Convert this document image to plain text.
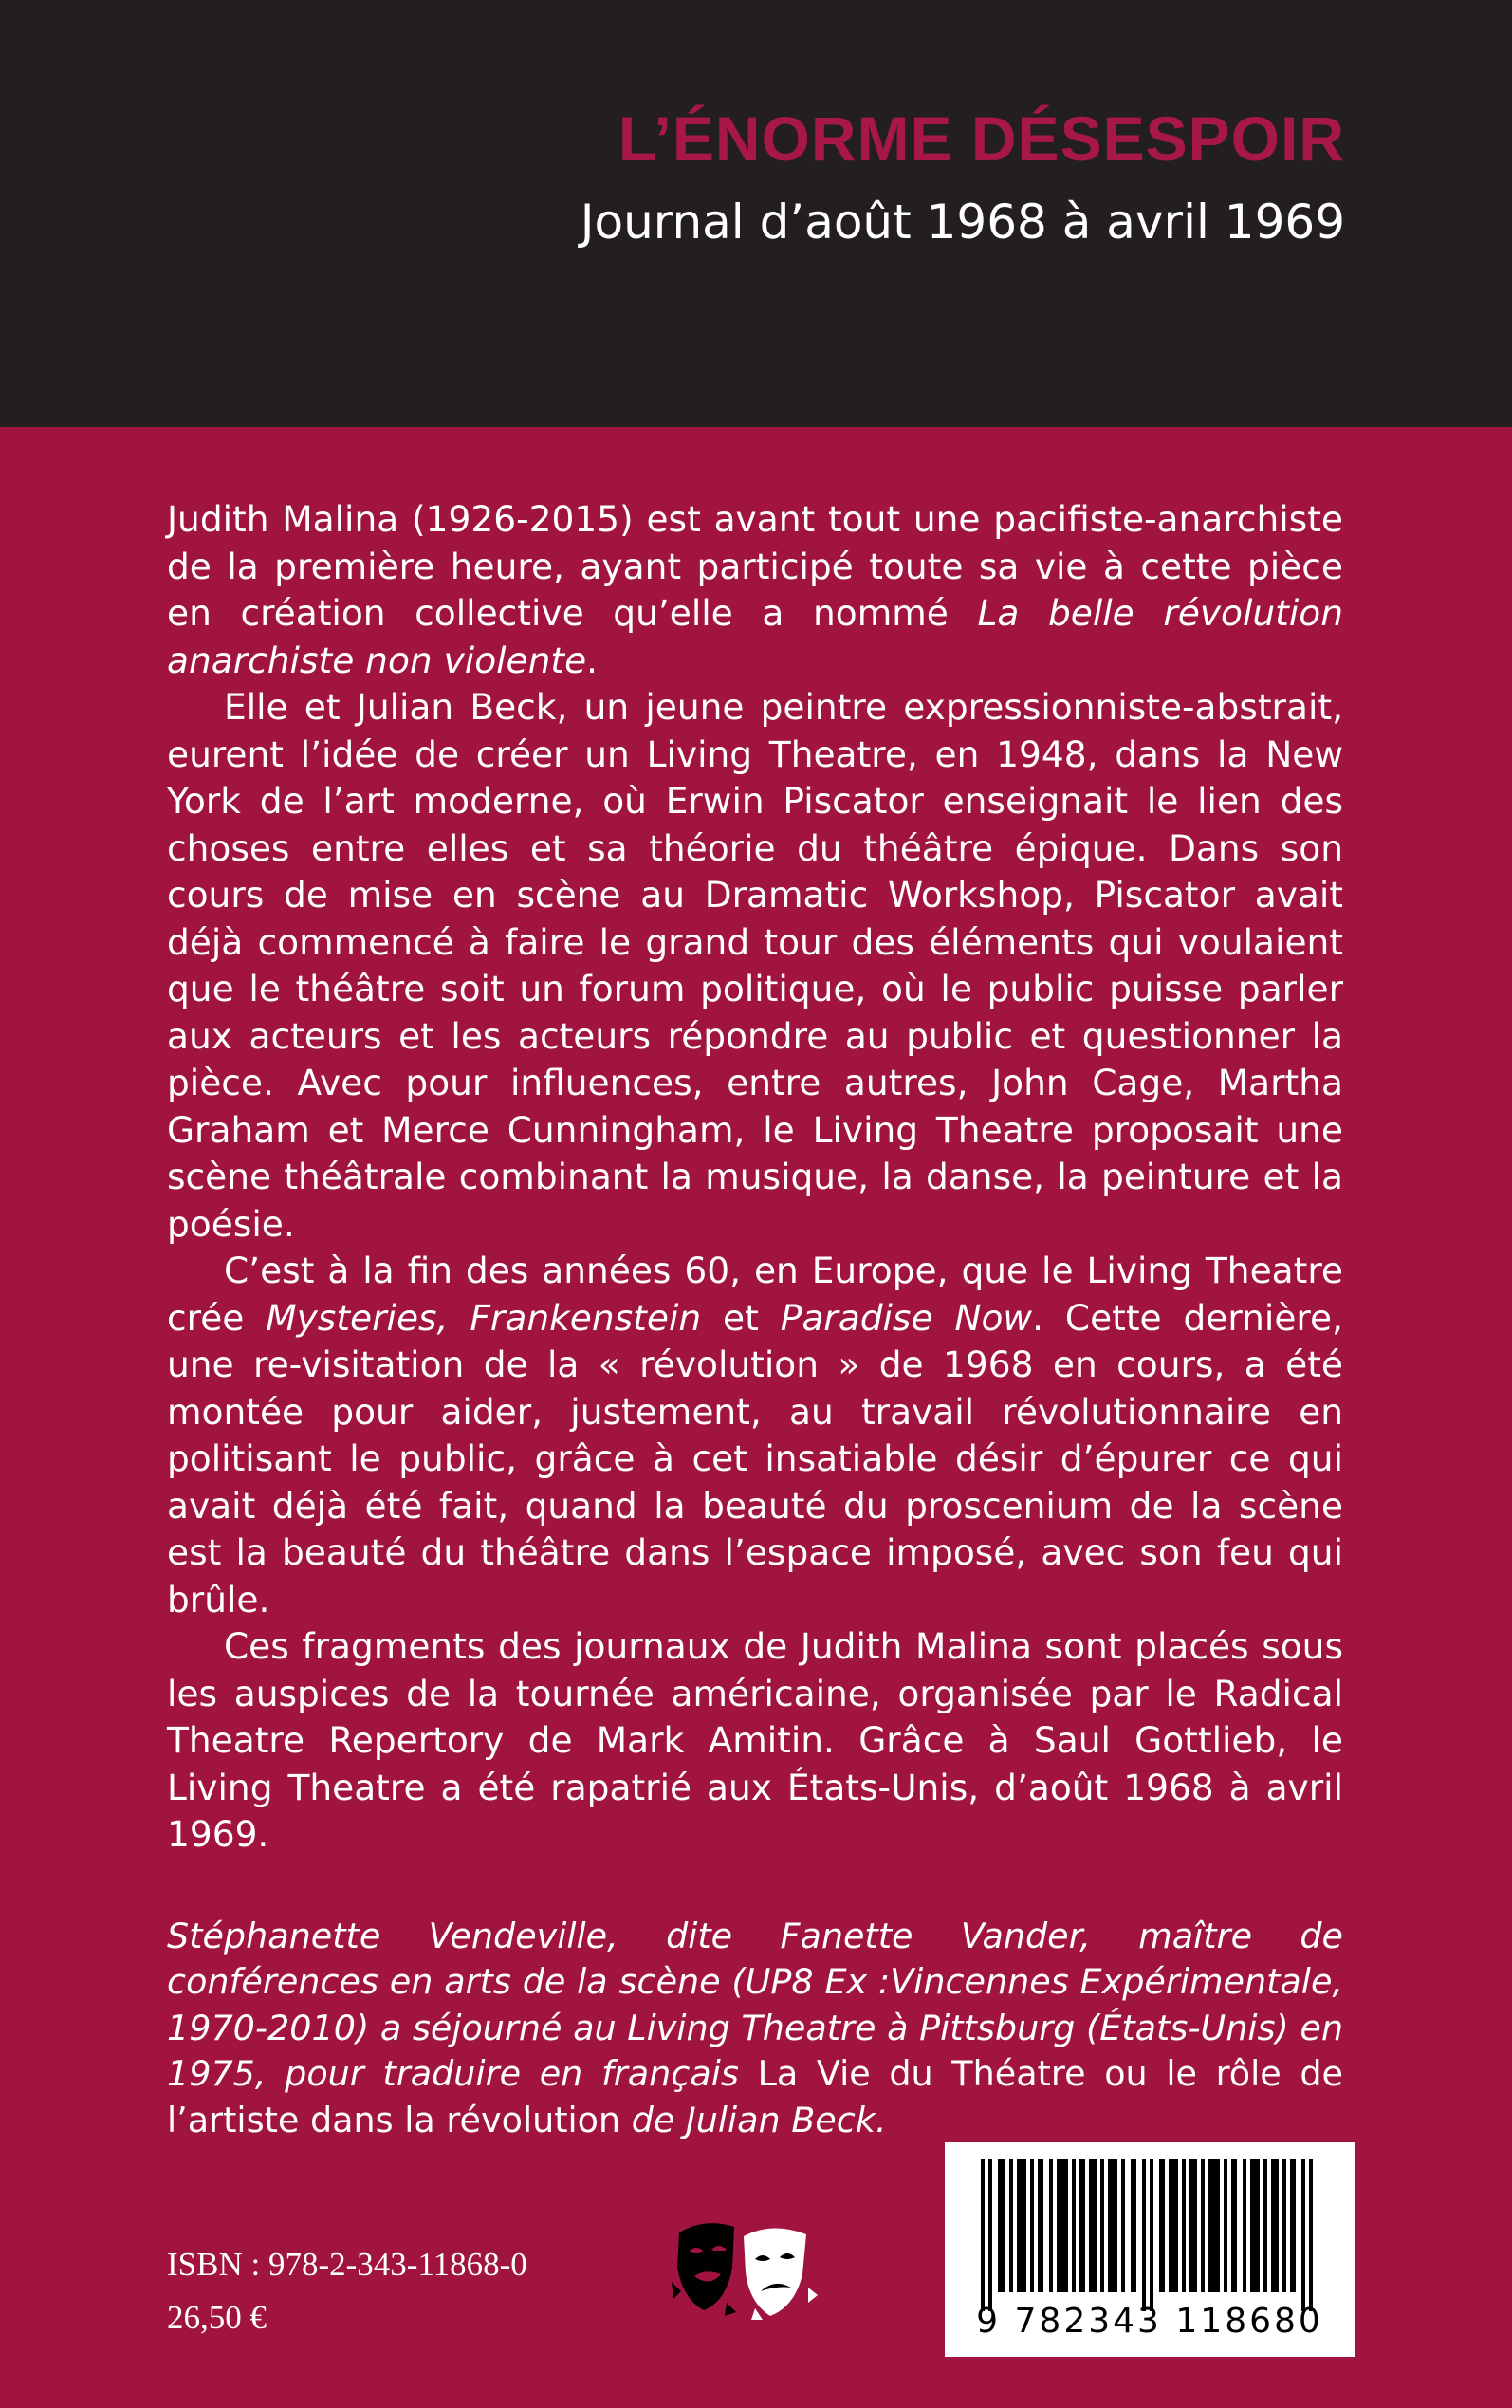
L’ÉNORME DÉSESPOIR
Journal d’août 1968 à avril 1969

Judith Malina (1926-2015) est avant tout une pacifiste-anarchiste de la première heure, ayant participé toute sa vie à cette pièce en création collective qu’elle a nommé La belle révolution anarchiste non violente.

Elle et Julian Beck, un jeune peintre expressionniste-abstrait, eurent l’idée de créer un Living Theatre, en 1948, dans la New York de l’art moderne, où Erwin Piscator enseignait le lien des choses entre elles et sa théorie du théâtre épique. Dans son cours de mise en scène au Dramatic Workshop, Piscator avait déjà commencé à faire le grand tour des éléments qui voulaient que le théâtre soit un forum politique, où le public puisse parler aux acteurs et les acteurs répondre au public et questionner la pièce. Avec pour influences, entre autres, John Cage, Martha Graham et Merce Cunningham, le Living Theatre proposait une scène théâtrale combinant la musique, la danse, la peinture et la poésie.

C’est à la fin des années 60, en Europe, que le Living Theatre crée Mysteries, Frankenstein et Paradise Now. Cette dernière, une re-visitation de la « révolution » de 1968 en cours, a été montée pour aider, justement, au travail révolutionnaire en politisant le public, grâce à cet insatiable désir d’épurer ce qui avait déjà été fait, quand la beauté du proscenium de la scène est la beauté du théâtre dans l’espace imposé, avec son feu qui brûle.

Ces fragments des journaux de Judith Malina sont placés sous les auspices de la tournée américaine, organisée par le Radical Theatre Repertory de Mark Amitin. Grâce à Saul Gottlieb, le Living Theatre a été rapatrié aux États-Unis, d’août 1968 à avril 1969.

Stéphanette Vendeville, dite Fanette Vander, maître de conférences en arts de la scène (UP8 Ex :Vincennes Expérimentale, 1970-2010) a séjourné au Living Theatre à Pittsburg (États-Unis) en 1975, pour traduire en français La Vie du Théatre ou le rôle de l’artiste dans la révolution de Julian Beck.

ISBN : 978-2-343-11868-0
26,50 €	9 782343 118680
